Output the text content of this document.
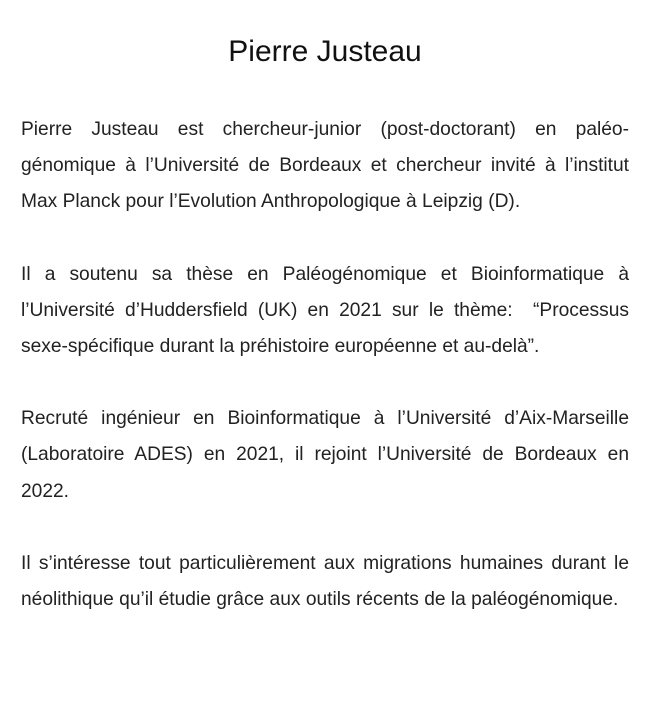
Pierre Justeau

Pierre Justeau est chercheur-junior (post-doctorant) en paléo-génomique à l’Université de Bordeaux et chercheur invité à l’institut Max Planck pour l’Evolution Anthropologique à Leipzig (D).

Il a soutenu sa thèse en Paléogénomique et Bioinformatique à l’Université d’Huddersfield (UK) en 2021 sur le thème:  “Processus sexe-spécifique durant la préhistoire européenne et au-delà”.

Recruté ingénieur en Bioinformatique à l’Université d’Aix-Marseille (Laboratoire ADES) en 2021, il rejoint l’Université de Bordeaux en 2022.

Il s’intéresse tout particulièrement aux migrations humaines durant le néolithique qu’il étudie grâce aux outils récents de la paléogénomique.
